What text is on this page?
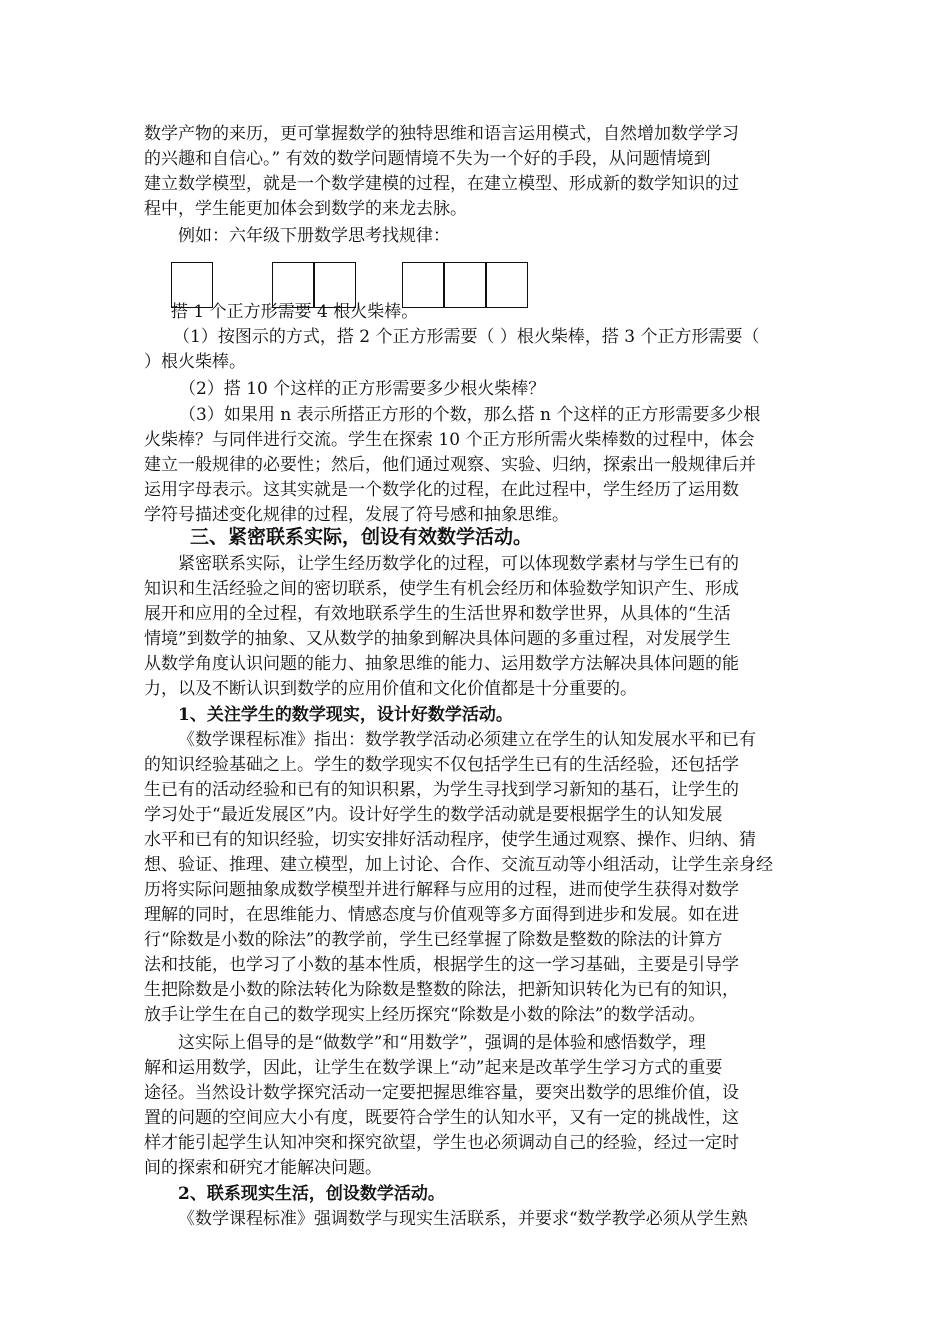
数学产物的来历，更可掌握数学的独特思维和语言运用模式，自然增加数学学习
的兴趣和自信心。” 有效的数学问题情境不失为一个好的手段，从问题情境到
建立数学模型，就是一个数学建模的过程，在建立模型、形成新的数学知识的过
程中，学生能更加体会到数学的来龙去脉。
例如：六年级下册数学思考找规律：
搭 1 个正方形需要 4 根火柴棒。
（1）按图示的方式，搭 2 个正方形需要（ ）根火柴棒，搭 3 个正方形需要（
）根火柴棒。
（2）搭 10 个这样的正方形需要多少根火柴棒？
（3）如果用 n 表示所搭正方形的个数，那么搭 n 个这样的正方形需要多少根
火柴棒？与同伴进行交流。学生在探索 10 个正方形所需火柴棒数的过程中，体会
建立一般规律的必要性；然后，他们通过观察、实验、归纳，探索出一般规律后并
运用字母表示。这其实就是一个数学化的过程，在此过程中，学生经历了运用数
学符号描述变化规律的过程，发展了符号感和抽象思维。
三、紧密联系实际，创设有效数学活动。
紧密联系实际，让学生经历数学化的过程，可以体现数学素材与学生已有的
知识和生活经验之间的密切联系，使学生有机会经历和体验数学知识产生、形成
展开和应用的全过程，有效地联系学生的生活世界和数学世界，从具体的“生活
情境”到数学的抽象、又从数学的抽象到解决具体问题的多重过程，对发展学生
从数学角度认识问题的能力、抽象思维的能力、运用数学方法解决具体问题的能
力，以及不断认识到数学的应用价值和文化价值都是十分重要的。
1、关注学生的数学现实，设计好数学活动。
《数学课程标准》指出：数学教学活动必须建立在学生的认知发展水平和已有
的知识经验基础之上。学生的数学现实不仅包括学生已有的生活经验，还包括学
生已有的活动经验和已有的知识积累，为学生寻找到学习新知的基石，让学生的
学习处于“最近发展区”内。设计好学生的数学活动就是要根据学生的认知发展
水平和已有的知识经验，切实安排好活动程序，使学生通过观察、操作、归纳、猜
想、验证、推理、建立模型，加上讨论、合作、交流互动等小组活动，让学生亲身经
历将实际问题抽象成数学模型并进行解释与应用的过程，进而使学生获得对数学
理解的同时，在思维能力、情感态度与价值观等多方面得到进步和发展。如在进
行“除数是小数的除法”的教学前，学生已经掌握了除数是整数的除法的计算方
法和技能，也学习了小数的基本性质，根据学生的这一学习基础，主要是引导学
生把除数是小数的除法转化为除数是整数的除法，把新知识转化为已有的知识，
放手让学生在自己的数学现实上经历探究“除数是小数的除法”的数学活动。
这实际上倡导的是“做数学”和“用数学”，强调的是体验和感悟数学，理
解和运用数学，因此，让学生在数学课上“动”起来是改革学生学习方式的重要
途径。当然设计数学探究活动一定要把握思维容量，要突出数学的思维价值，设
置的问题的空间应大小有度，既要符合学生的认知水平，又有一定的挑战性，这
样才能引起学生认知冲突和探究欲望，学生也必须调动自己的经验，经过一定时
间的探索和研究才能解决问题。
2、联系现实生活，创设数学活动。
《数学课程标准》强调数学与现实生活联系，并要求“数学教学必须从学生熟
